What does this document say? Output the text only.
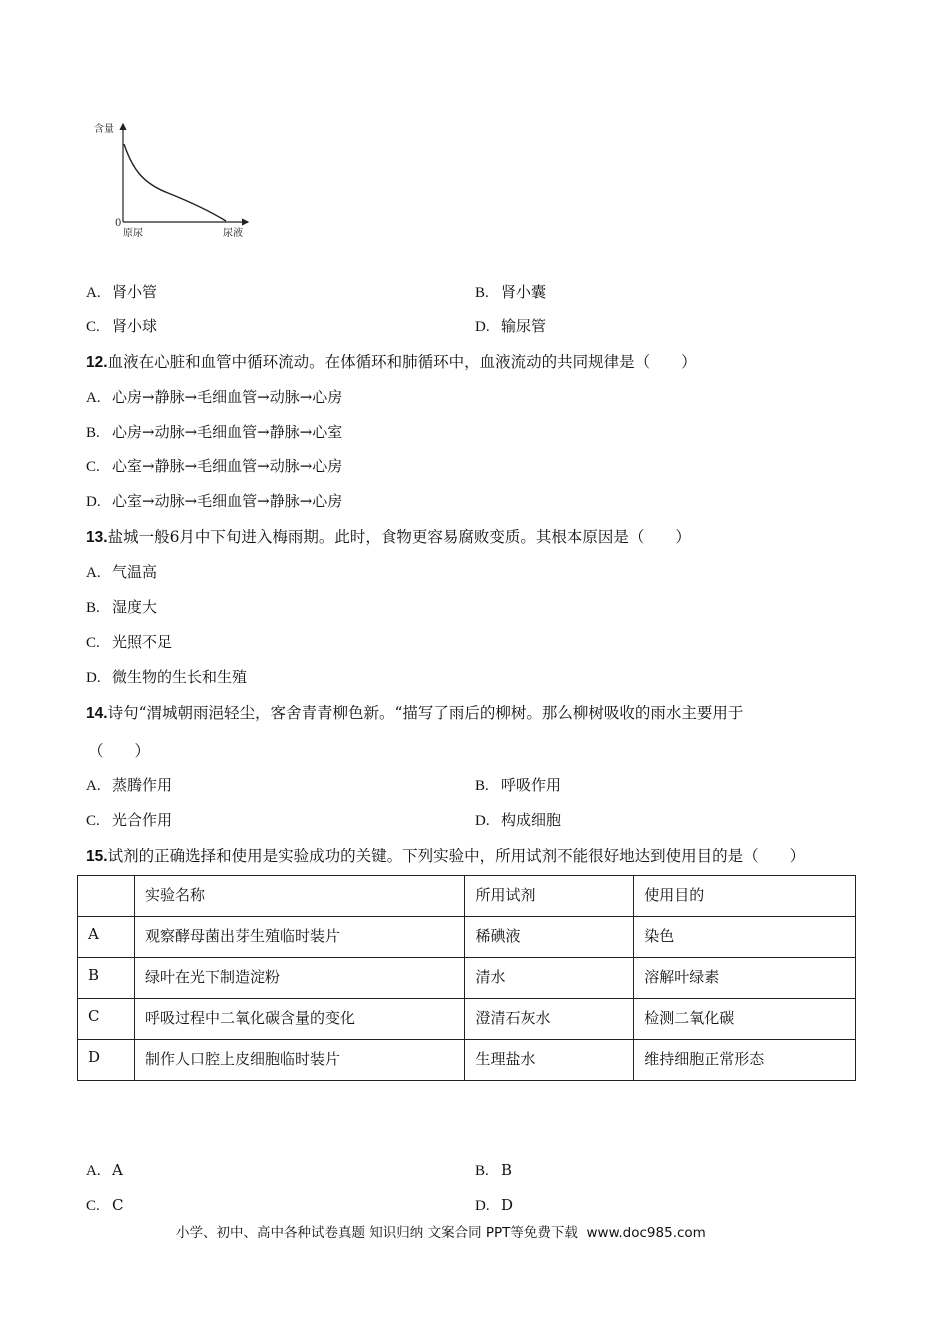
含量
0
原尿	尿液
A. 肾小管	B. 肾小囊
C. 肾小球	D. 输尿管
12.血液在心脏和血管中循环流动。在体循环和肺循环中，血液流动的共同规律是（　　）
A. 心房→静脉→毛细血管→动脉→心房
B. 心房→动脉→毛细血管→静脉→心室
C. 心室→静脉→毛细血管→动脉→心房
D. 心室→动脉→毛细血管→静脉→心房
13.盐城一般6月中下旬进入梅雨期。此时，食物更容易腐败变质。其根本原因是（　　）
A. 气温高
B. 湿度大
C. 光照不足
D. 微生物的生长和生殖
14.诗句“渭城朝雨浥轻尘，客舍青青柳色新。“描写了雨后的柳树。那么柳树吸收的雨水主要用于
（　　）
A. 蒸腾作用	B. 呼吸作用
C. 光合作用	D. 构成细胞
15.试剂的正确选择和使用是实验成功的关键。下列实验中，所用试剂不能很好地达到使用目的是（　　）
	实验名称	所用试剂	使用目的
A	观察酵母菌出芽生殖临时装片	稀碘液	染色
B	绿叶在光下制造淀粉	清水	溶解叶绿素
C	呼吸过程中二氧化碳含量的变化	澄清石灰水	检测二氧化碳
D	制作人口腔上皮细胞临时装片	生理盐水	维持细胞正常形态
A. A	B. B
C. C	D. D
小学、初中、高中各种试卷真题 知识归纳 文案合同 PPT等免费下载 www.doc985.com
